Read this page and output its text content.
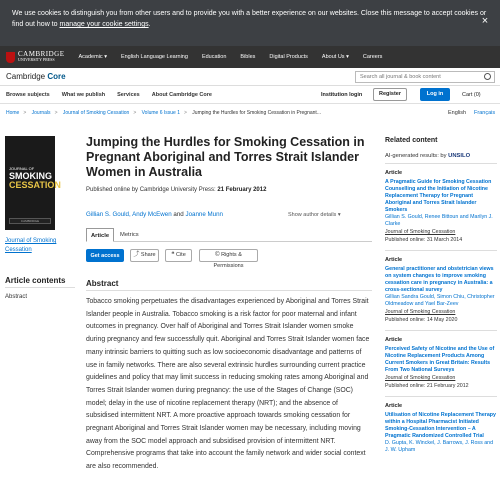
We use cookies to distinguish you from other users and to provide you with a better experience on our websites. Close this message to accept cookies or find out how to manage your cookie settings.	×
CAMBRIDGE
UNIVERSITY PRESS	Academic ▾	English Language Learning	Education	Bibles	Digital Products	About Us ▾	Careers
Cambridge Core	Search all journal & book content
Browse subjects What we publish Services About Cambridge Core	Institution login	Register	Log in	Cart (0)
Home > Journals > Journal of Smoking Cessation > Volume 6 Issue 1 > Jumping the Hurdles for Smoking Cessation in Pregnant...	English Français
JOURNAL OF
SMOKING
CESSATION
CAMBRIDGE
Journal of Smoking Cessation
Article contents
Abstract
Jumping the Hurdles for Smoking Cessation in Pregnant Aboriginal and Torres Strait Islander Women in Australia
Published online by Cambridge University Press: 21 February 2012
Gillian S. Gould, Andy McEwen and Joanne Munn	Show author details ▾
Article	Metrics
Get access	⤴ Share	❝ Cite	© Rights & Permissions
Abstract

Tobacco smoking perpetuates the disadvantages experienced by Aboriginal and Torres Strait Islander people in Australia. Tobacco smoking is a risk factor for poor maternal and infant outcomes in pregnancy. Over half of Aboriginal and Torres Strait Islander women smoke during pregnancy and few successfully quit. Aboriginal and Torres Strait Islander women face many intrinsic barriers to quitting such as low socioeconomic disadvantage and patterns of use in family networks. There are also several extrinsic hurdles surrounding current practice guidelines and policy that may limit success in reducing smoking rates among Aboriginal and Torres Strait Islander women during pregnancy: the use of the Stages of Change (SOC) model; delay in the use of nicotine replacement therapy (NRT); and the absence of subsidised intermittent NRT. A more proactive approach towards smoking cessation for pregnant Aboriginal and Torres Strait Islander women may be necessary, including moving away from the SOC model approach and subsidised provision of intermittent NRT. Comprehensive programs that take into account the family network and wider social context are also recommended.

Related content
AI-generated results: by UNSILO
Article
A Pragmatic Guide for Smoking Cessation Counselling and the Initiation of Nicotine Replacement Therapy for Pregnant Aboriginal and Torres Strait Islander Smokers
Gillian S. Gould, Renee Bittoun and Marilyn J. Clarke
Journal of Smoking Cessation
Published online: 31 March 2014
Article
General practitioner and obstetrician views on system changes to improve smoking cessation care in pregnancy in Australia: a cross-sectional survey
Gillian Sandra Gould, Simon Chiu, Christopher Oldmeadow and Yael Bar-Zeev
Journal of Smoking Cessation
Published online: 14 May 2020
Article
Perceived Safety of Nicotine and the Use of Nicotine Replacement Products Among Current Smokers in Great Britain: Results From Two National Surveys
Journal of Smoking Cessation
Published online: 21 February 2012
Article
Utilisation of Nicotine Replacement Therapy within a Hospital Pharmacist Initiated Smoking-Cessation Intervention – A Pragmatic Randomized Controlled Trial
D. Gupta, K. Winckel, J. Barrows, J. Ross and J. W. Upham
